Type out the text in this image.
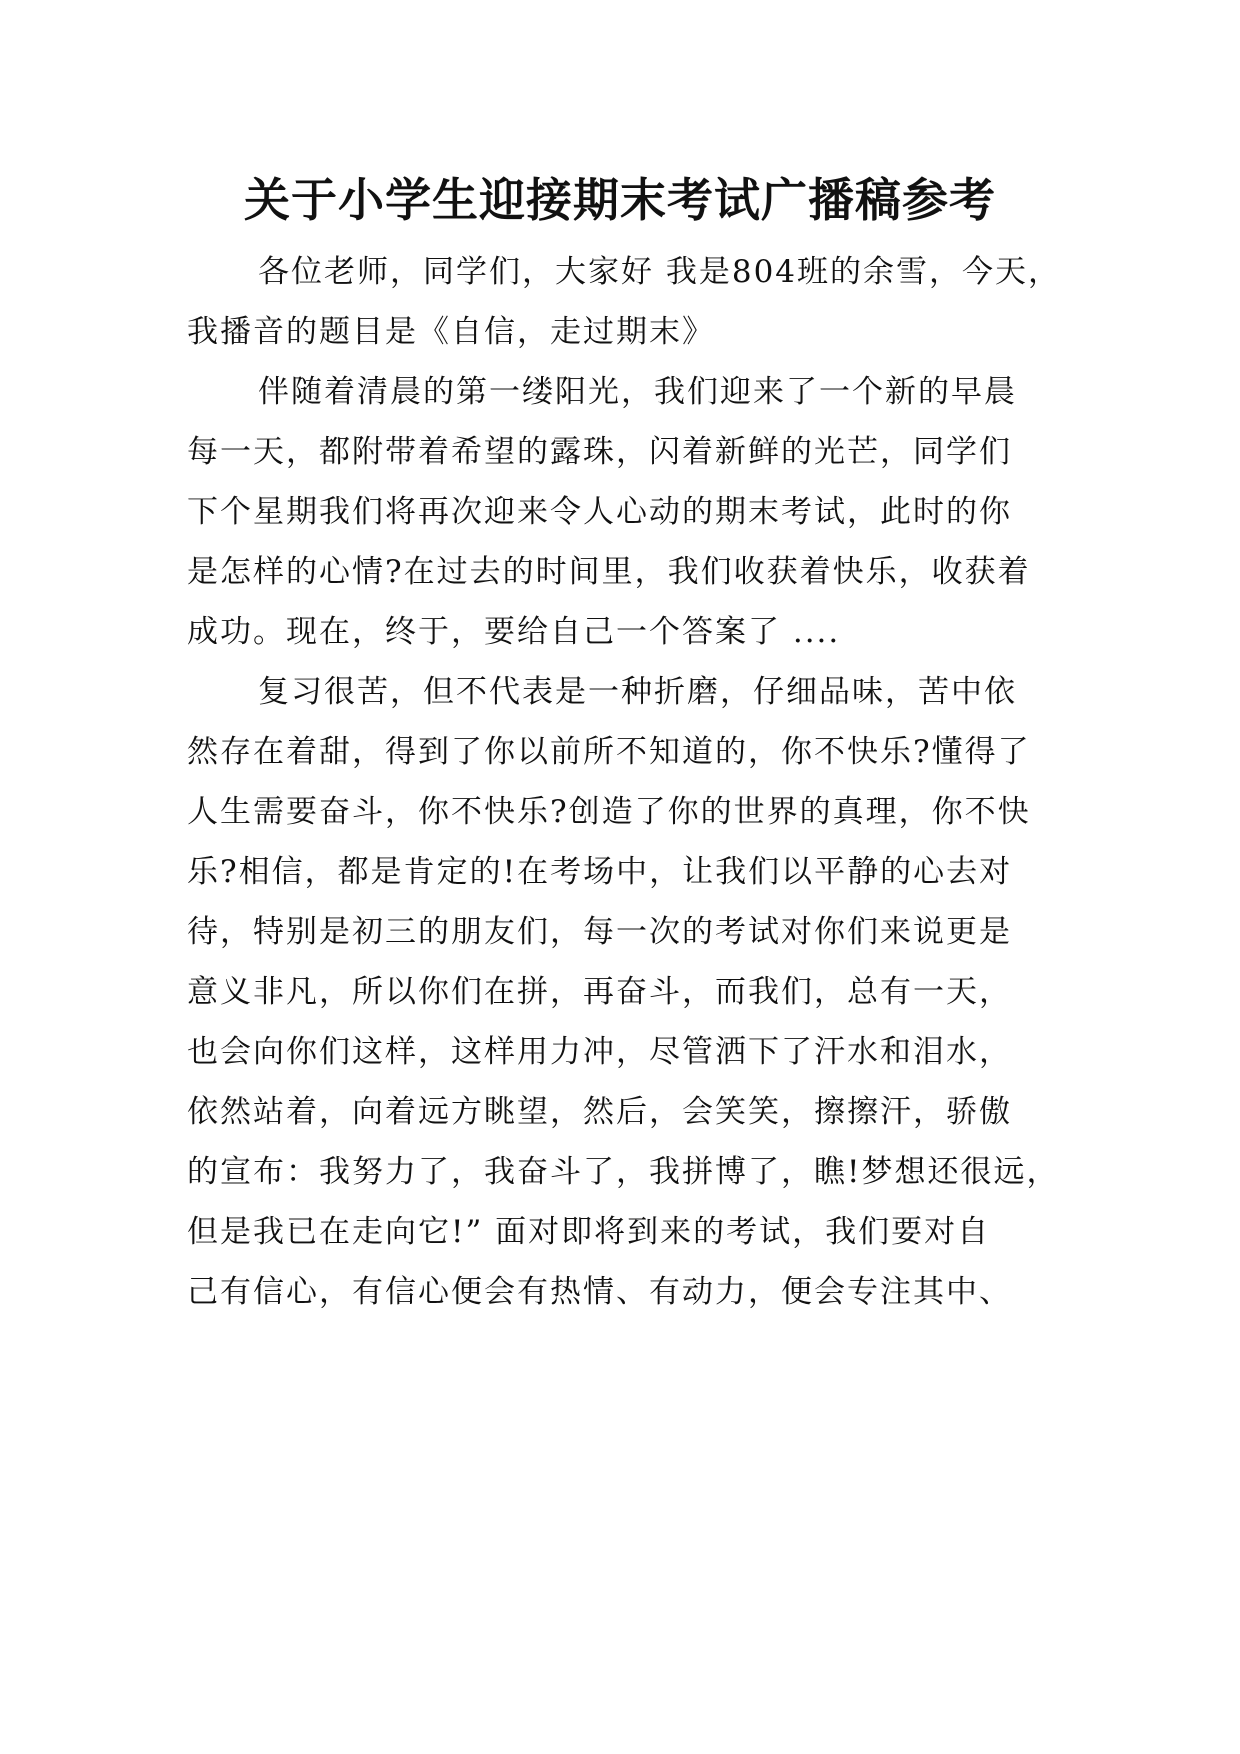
关于小学生迎接期末考试广播稿参考

各位老师，同学们，大家好 我是804班的余雪，今天，

我播音的题目是《自信，走过期末》

伴随着清晨的第一缕阳光，我们迎来了一个新的早晨

每一天，都附带着希望的露珠，闪着新鲜的光芒，同学们

下个星期我们将再次迎来令人心动的期末考试，此时的你

是怎样的心情?在过去的时间里，我们收获着快乐，收获着

成功。现在，终于，要给自己一个答案了 ....

复习很苦，但不代表是一种折磨，仔细品味，苦中依

然存在着甜，得到了你以前所不知道的，你不快乐?懂得了

人生需要奋斗，你不快乐?创造了你的世界的真理，你不快

乐?相信，都是肯定的!在考场中，让我们以平静的心去对

待，特别是初三的朋友们，每一次的考试对你们来说更是

意义非凡，所以你们在拼，再奋斗，而我们，总有一天，

也会向你们这样，这样用力冲，尽管洒下了汗水和泪水，

依然站着，向着远方眺望，然后，会笑笑，擦擦汗，骄傲

的宣布：我努力了，我奋斗了，我拼博了，瞧!梦想还很远，

但是我已在走向它!” 面对即将到来的考试，我们要对自

己有信心，有信心便会有热情、有动力，便会专注其中、
